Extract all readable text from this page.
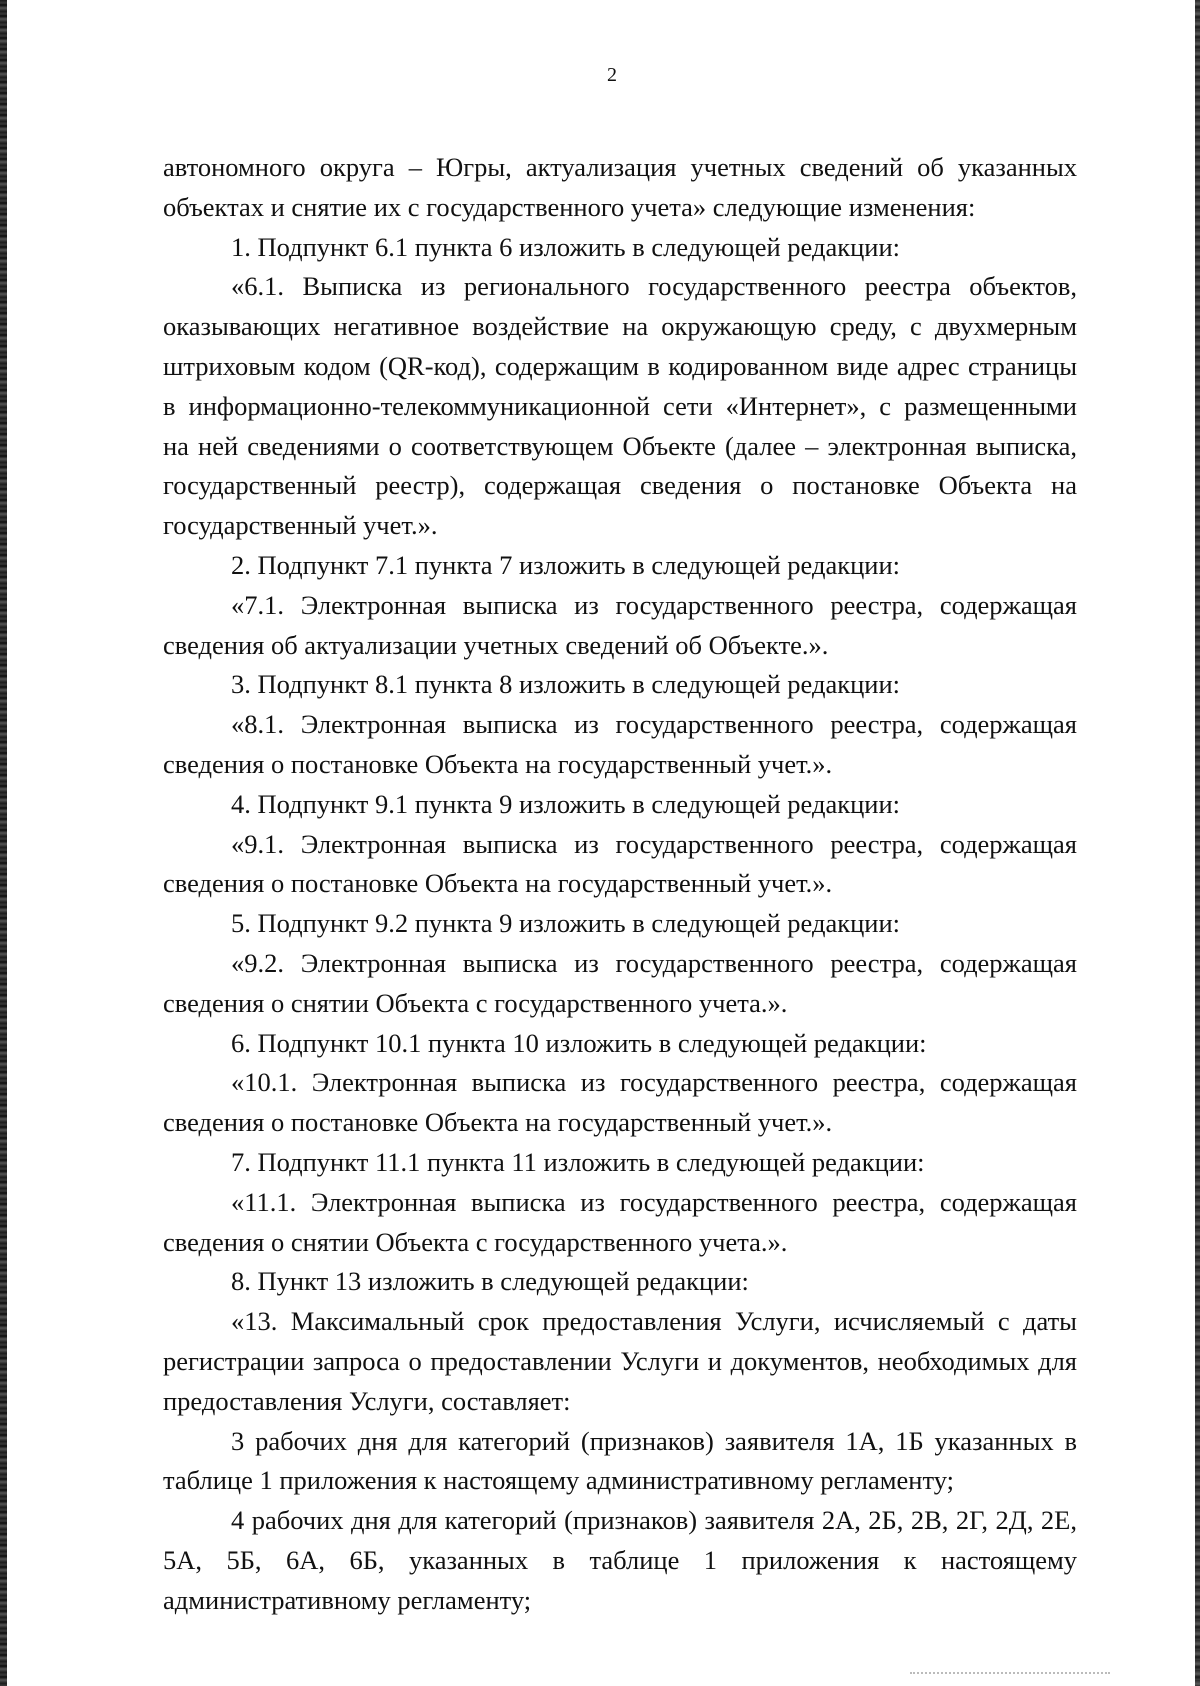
2

автономного округа – Югры, актуализация учетных сведений об указанных объектах и снятие их с государственного учета» следующие изменения:

1. Подпункт 6.1 пункта 6 изложить в следующей редакции:

«6.1. Выписка из регионального государственного реестра объектов, оказывающих негативное воздействие на окружающую среду, с двухмерным штриховым кодом (QR-код), содержащим в кодированном виде адрес страницы в информационно-телекоммуникационной сети «Интернет», с размещенными на ней сведениями о соответствующем Объекте (далее – электронная выписка, государственный реестр), содержащая сведения о постановке Объекта на государственный учет.».

2. Подпункт 7.1 пункта 7 изложить в следующей редакции:

«7.1. Электронная выписка из государственного реестра, содержащая сведения об актуализации учетных сведений об Объекте.».

3. Подпункт 8.1 пункта 8 изложить в следующей редакции:

«8.1. Электронная выписка из государственного реестра, содержащая сведения о постановке Объекта на государственный учет.».

4. Подпункт 9.1 пункта 9 изложить в следующей редакции:

«9.1. Электронная выписка из государственного реестра, содержащая сведения о постановке Объекта на государственный учет.».

5. Подпункт 9.2 пункта 9 изложить в следующей редакции:

«9.2. Электронная выписка из государственного реестра, содержащая сведения о снятии Объекта с государственного учета.».

6. Подпункт 10.1 пункта 10 изложить в следующей редакции:

«10.1. Электронная выписка из государственного реестра, содержащая сведения о постановке Объекта на государственный учет.».

7. Подпункт 11.1 пункта 11 изложить в следующей редакции:

«11.1. Электронная выписка из государственного реестра, содержащая сведения о снятии Объекта с государственного учета.».

8. Пункт 13 изложить в следующей редакции:

«13. Максимальный срок предоставления Услуги, исчисляемый с даты регистрации запроса о предоставлении Услуги и документов, необходимых для предоставления Услуги, составляет:

3 рабочих дня для категорий (признаков) заявителя 1А, 1Б указанных в таблице 1 приложения к настоящему административному регламенту;

4 рабочих дня для категорий (признаков) заявителя 2А, 2Б, 2В, 2Г, 2Д, 2Е, 5А, 5Б, 6А, 6Б, указанных в таблице 1 приложения к настоящему административному регламенту;
